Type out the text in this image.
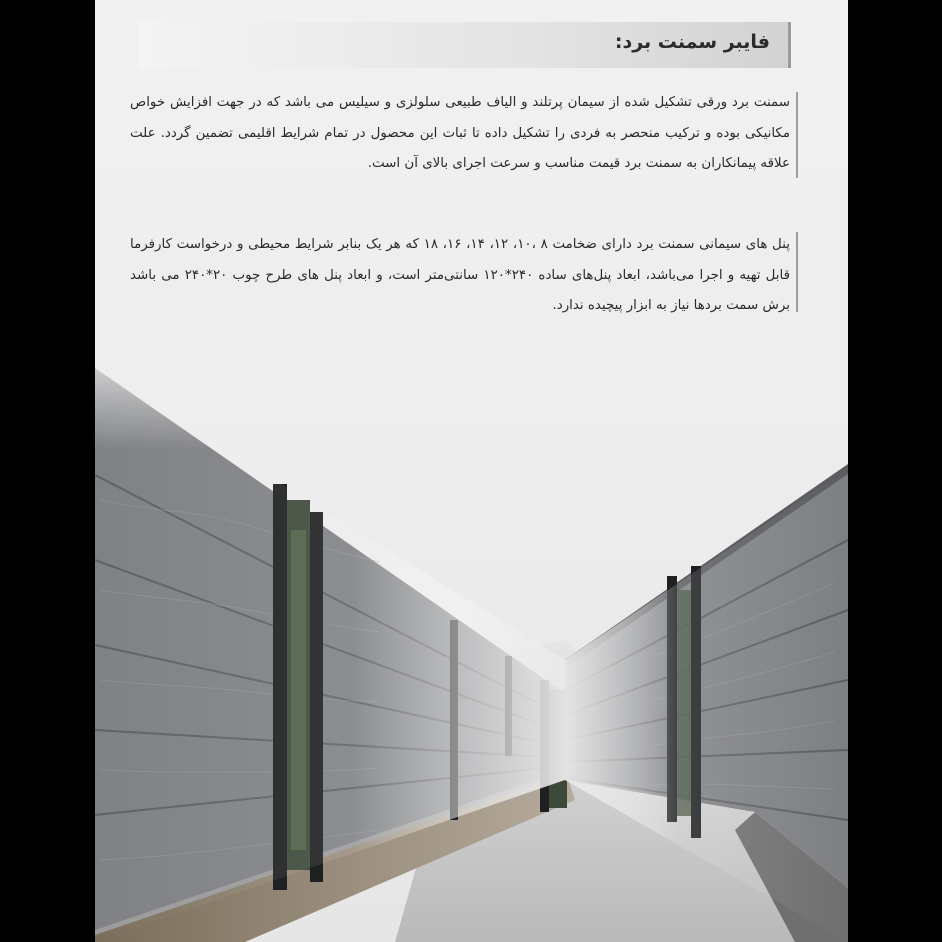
فایبر سمنت برد:
سمنت برد ورقی تشکیل شده از سیمان پرتلند و الیاف طبیعی سلولزی و سیلیس می باشد که در جهت افزایش خواص مکانیکی بوده و ترکیب منحصر به فردی را تشکیل داده تا ثبات این محصول در تمام شرایط اقلیمی تضمین گردد. علت علاقه پیمانکاران به سمنت برد قیمت مناسب و سرعت اجرای بالای آن است.
پنل های سیمانی سمنت برد دارای ضخامت ۸ ،۱۰، ۱۲، ۱۴، ۱۶، ۱۸ که هر یک بنابر شرایط محیطی و درخواست کارفرما قابل تهیه و اجرا می‌باشد، ابعاد پنل‌های ساده ۲۴۰*۱۲۰ سانتی‌متر است، و ابعاد پنل های طرح چوب ۲۰*۲۴۰ می باشد برش سمت بردها نیاز به ابزار پیچیده ندارد.
